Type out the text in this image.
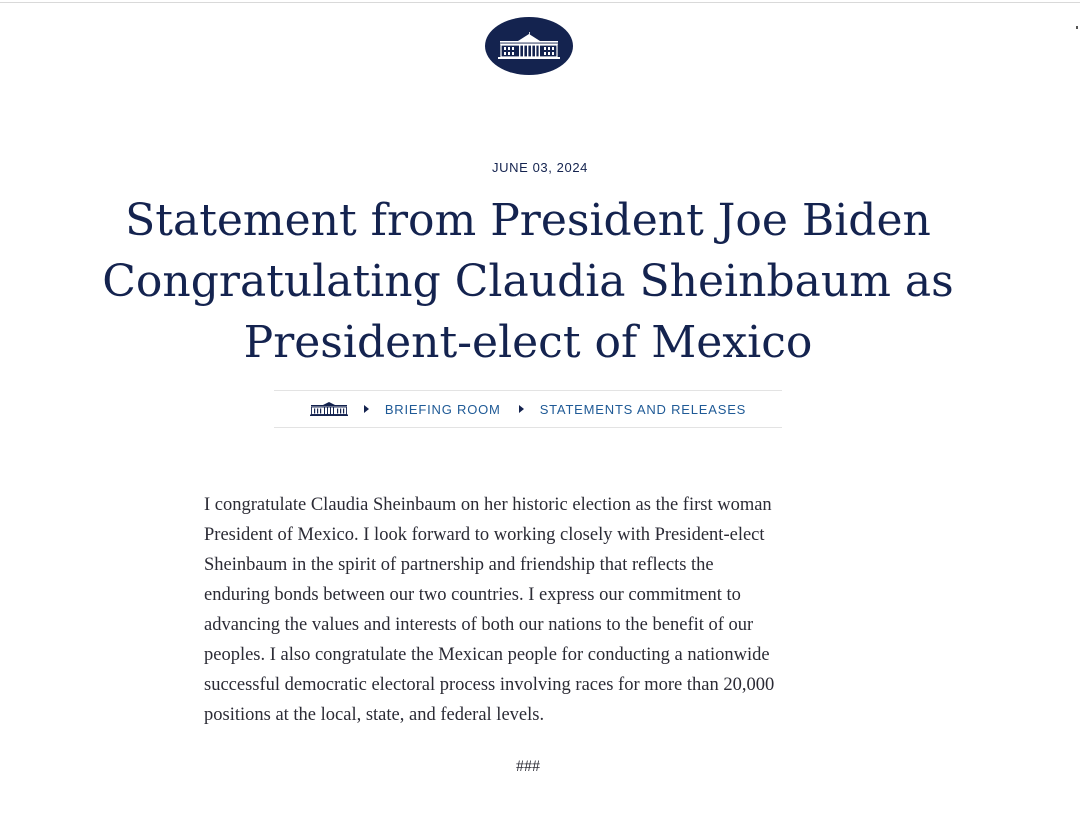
JUNE 03, 2024
Statement from President Joe Biden Congratulating Claudia Sheinbaum as President-elect of Mexico
BRIEFING ROOM	STATEMENTS AND RELEASES

I congratulate Claudia Sheinbaum on her historic election as the first woman
President of Mexico. I look forward to working closely with President-elect
Sheinbaum in the spirit of partnership and friendship that reflects the
enduring bonds between our two countries. I express our commitment to
advancing the values and interests of both our nations to the benefit of our
peoples. I also congratulate the Mexican people for conducting a nationwide
successful democratic electoral process involving races for more than 20,000
positions at the local, state, and federal levels.

###
